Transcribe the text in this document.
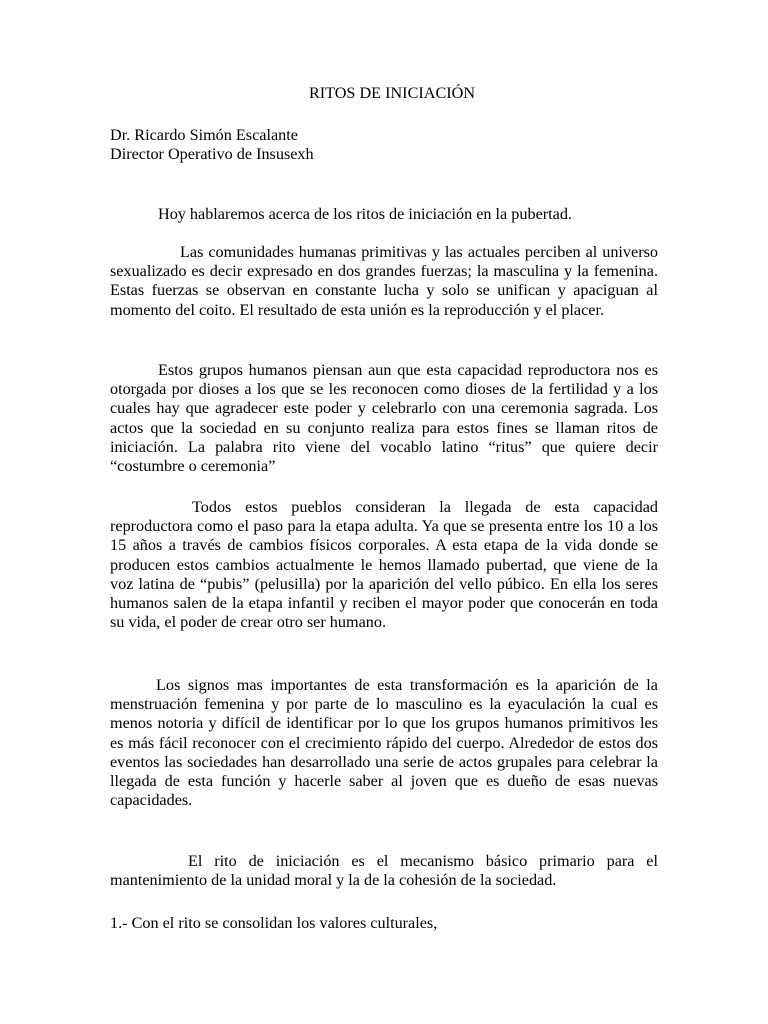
RITOS DE INICIACIÓN
Dr. Ricardo Simón Escalante
Director Operativo de Insusexh
Hoy hablaremos acerca de los ritos de iniciación en la pubertad.
Las comunidades humanas primitivas y las actuales perciben al universo sexualizado es decir expresado en dos grandes fuerzas; la masculina y la femenina. Estas fuerzas se observan en constante lucha y solo se unifican y apaciguan al momento del coito. El resultado de esta unión es la reproducción y el placer.
Estos grupos humanos piensan aun que esta capacidad reproductora nos es otorgada por dioses a los que se les reconocen como dioses de la fertilidad y a los cuales hay que agradecer este poder y celebrarlo con una ceremonia sagrada. Los actos que la sociedad en su conjunto realiza para estos fines se llaman ritos de iniciación. La palabra rito viene del vocablo latino “ritus” que quiere decir “costumbre o ceremonia”
Todos estos pueblos consideran la llegada de esta capacidad reproductora como el paso para la etapa adulta. Ya que se presenta entre los 10 a los 15 años a través de cambios físicos corporales. A esta etapa de la vida donde se producen estos cambios actualmente le hemos llamado pubertad, que viene de la voz latina de “pubis” (pelusilla) por la aparición del vello púbico. En ella los seres humanos salen de la etapa infantil y reciben el mayor poder que conocerán en toda su vida, el poder de crear otro ser humano.
Los signos mas importantes de esta transformación es la aparición de la menstruación femenina y por parte de lo masculino es la eyaculación la cual es menos notoria y difícil de identificar por lo que los grupos humanos primitivos les es más fácil reconocer con el crecimiento rápido del cuerpo. Alrededor de estos dos eventos las sociedades han desarrollado una serie de actos grupales para celebrar la llegada de esta función y hacerle saber al joven que es dueño de esas nuevas capacidades.
El rito de iniciación es el mecanismo básico primario para el mantenimiento de la unidad moral y la de la cohesión de la sociedad.
1.- Con el rito se consolidan los valores culturales,
